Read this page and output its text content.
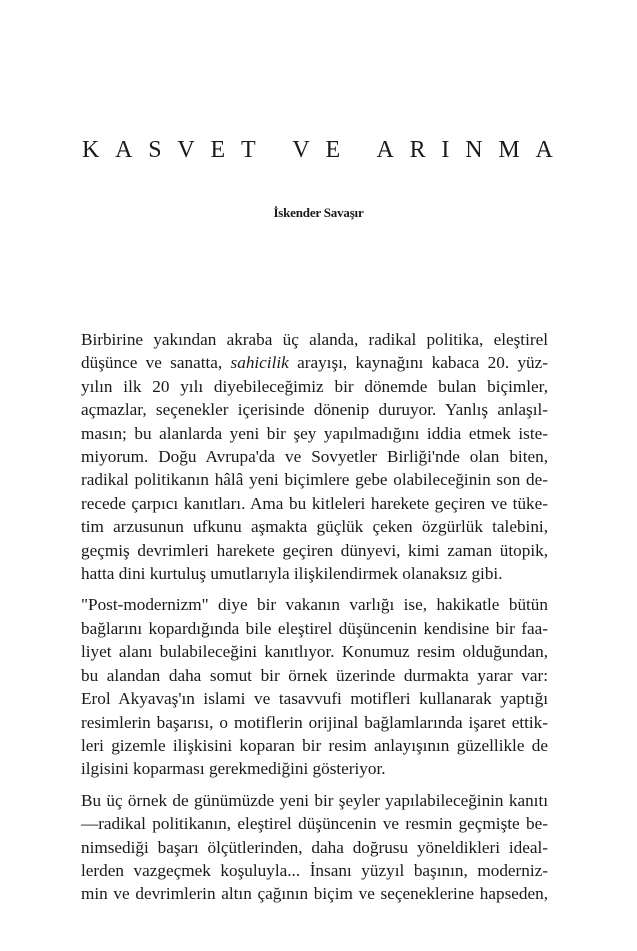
KASVET VE ARINMA
İskender Savaşır

Birbirine yakından akraba üç alanda, radikal politika, eleştirel
düşünce ve sanatta, sahicilik arayışı, kaynağını kabaca 20. yüz-
yılın ilk 20 yılı diyebileceğimiz bir dönemde bulan biçimler,
açmazlar, seçenekler içerisinde dönenip duruyor. Yanlış anlaşıl-
masın; bu alanlarda yeni bir şey yapılmadığını iddia etmek iste-
miyorum. Doğu Avrupa'da ve Sovyetler Birliği'nde olan biten,
radikal politikanın hâlâ yeni biçimlere gebe olabileceğinin son de-
recede çarpıcı kanıtları. Ama bu kitleleri harekete geçiren ve tüke-
tim arzusunun ufkunu aşmakta güçlük çeken özgürlük talebini,
geçmiş devrimleri harekete geçiren dünyevi, kimi zaman ütopik,
hatta dini kurtuluş umutlarıyla ilişkilendirmek olanaksız gibi.

"Post-modernizm" diye bir vakanın varlığı ise, hakikatle bütün
bağlarını kopardığında bile eleştirel düşüncenin kendisine bir faa-
liyet alanı bulabileceğini kanıtlıyor. Konumuz resim olduğundan,
bu alandan daha somut bir örnek üzerinde durmakta yarar var:
Erol Akyavaş'ın islami ve tasavvufi motifleri kullanarak yaptığı
resimlerin başarısı, o motiflerin orijinal bağlamlarında işaret ettik-
leri gizemle ilişkisini koparan bir resim anlayışının güzellikle de
ilgisini koparması gerekmediğini gösteriyor.

Bu üç örnek de günümüzde yeni bir şeyler yapılabileceğinin kanıtı
—radikal politikanın, eleştirel düşüncenin ve resmin geçmişte be-
nimsediği başarı ölçütlerinden, daha doğrusu yöneldikleri ideal-
lerden vazgeçmek koşuluyla... İnsanı yüzyıl başının, moderniz-
min ve devrimlerin altın çağının biçim ve seçeneklerine hapseden,
